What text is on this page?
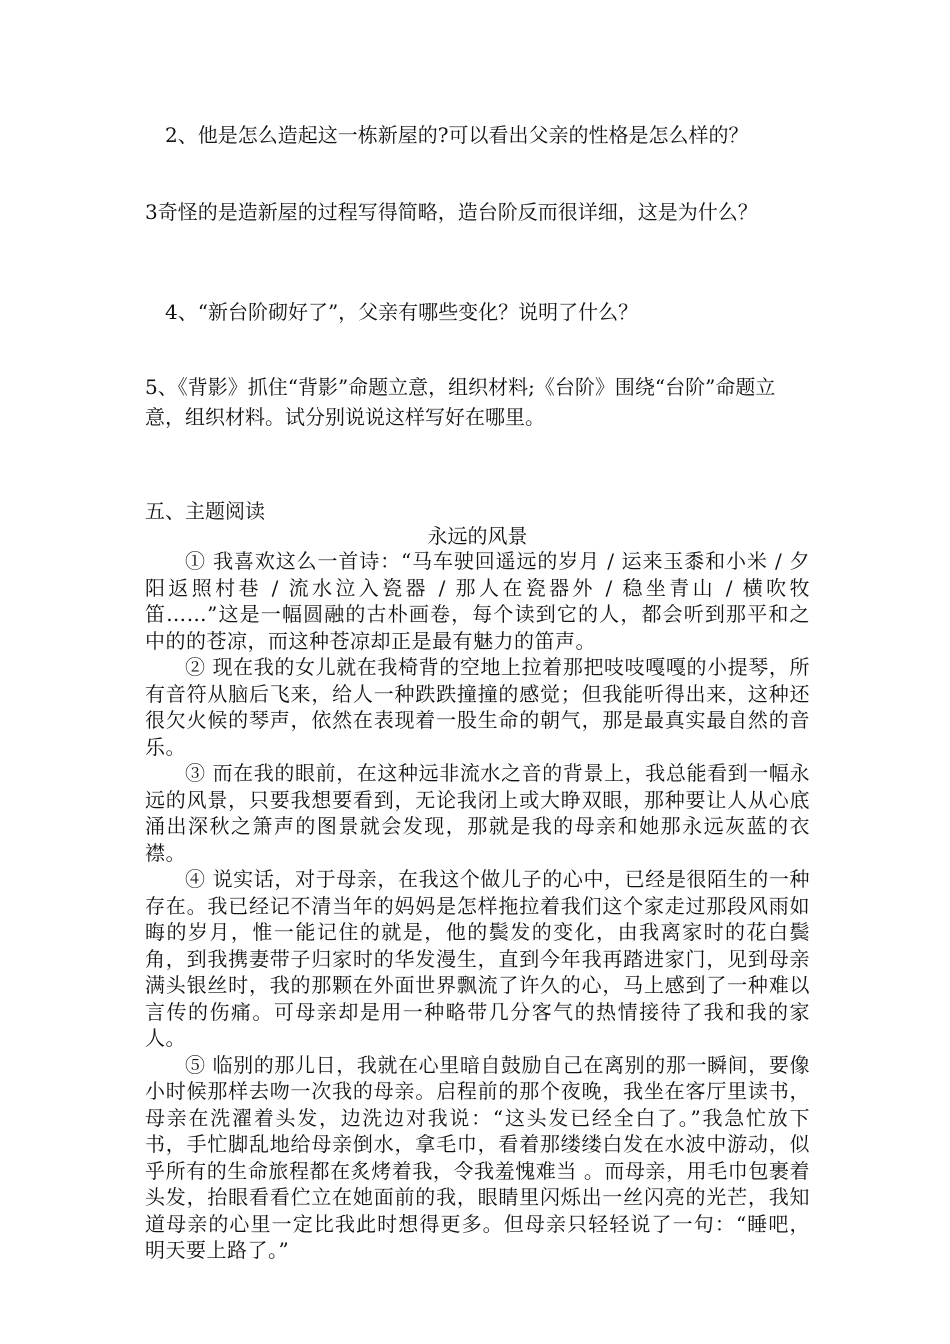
2、他是怎么造起这一栋新屋的?可以看出父亲的性格是怎么样的？

3奇怪的是造新屋的过程写得简略，造台阶反而很详细，这是为什么？

4、“新台阶砌好了”，父亲有哪些变化？说明了什么？

5、《背影》抓住“背影”命题立意，组织材料;《台阶》围绕“台阶”命题立意，组织材料。试分别说说这样写好在哪里。

五、主题阅读
永远的风景

① 我喜欢这么一首诗：“马车驶回遥远的岁月 / 运来玉黍和小米 / 夕阳返照村巷 / 流水泣入瓷器 / 那人在瓷器外 / 稳坐青山 / 横吹牧笛……”这是一幅圆融的古朴画卷，每个读到它的人，都会听到那平和之中的的苍凉，而这种苍凉却正是最有魅力的笛声。

② 现在我的女儿就在我椅背的空地上拉着那把吱吱嘎嘎的小提琴，所有音符从脑后飞来，给人一种跌跌撞撞的感觉；但我能听得出来，这种还很欠火候的琴声，依然在表现着一股生命的朝气，那是最真实最自然的音乐。

③ 而在我的眼前，在这种远非流水之音的背景上，我总能看到一幅永远的风景，只要我想要看到，无论我闭上或大睁双眼，那种要让人从心底涌出深秋之箫声的图景就会发现，那就是我的母亲和她那永远灰蓝的衣襟。

④ 说实话，对于母亲，在我这个做儿子的心中，已经是很陌生的一种存在。我已经记不清当年的妈妈是怎样拖拉着我们这个家走过那段风雨如晦的岁月，惟一能记住的就是，他的鬓发的变化，由我离家时的花白鬓角，到我携妻带子归家时的华发漫生，直到今年我再踏进家门，见到母亲满头银丝时，我的那颗在外面世界飘流了许久的心，马上感到了一种难以言传的伤痛。可母亲却是用一种略带几分客气的热情接待了我和我的家人。

⑤ 临别的那儿日，我就在心里暗自鼓励自己在离别的那一瞬间，要像小时候那样去吻一次我的母亲。启程前的那个夜晚，我坐在客厅里读书，母亲在洗濯着头发，边洗边对我说：“这头发已经全白了。”我急忙放下书，手忙脚乱地给母亲倒水，拿毛巾，看着那缕缕白发在水波中游动，似乎所有的生命旅程都在炙烤着我，令我羞愧难当 。而母亲，用毛巾包裹着头发，抬眼看看伫立在她面前的我，眼睛里闪烁出一丝闪亮的光芒，我知道母亲的心里一定比我此时想得更多。但母亲只轻轻说了一句：“睡吧，明天要上路了。”
